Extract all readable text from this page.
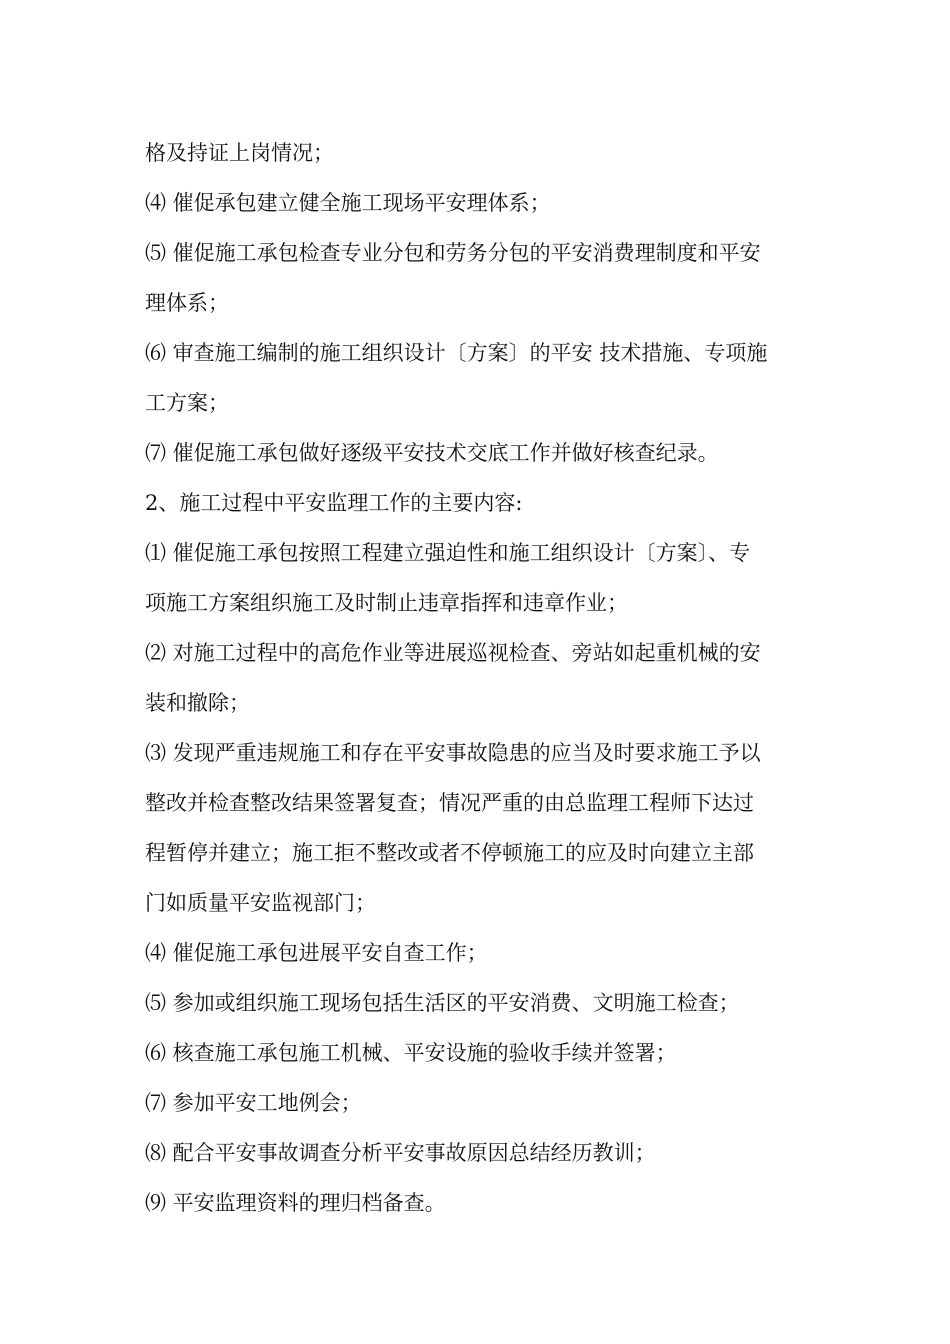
格及持证上岗情况；

⑷ 催促承包建立健全施工现场平安理体系；

⑸ 催促施工承包检查专业分包和劳务分包的平安消费理制度和平安

理体系；

⑹ 审查施工编制的施工组织设计〔方案〕的平安 技术措施、专项施

工方案；

⑺ 催促施工承包做好逐级平安技术交底工作并做好核查纪录。

2、施工过程中平安监理工作的主要内容:

⑴ 催促施工承包按照工程建立强迫性和施工组织设计〔方案〕、专

项施工方案组织施工及时制止违章指挥和违章作业；

⑵ 对施工过程中的高危作业等进展巡视检查、旁站如起重机械的安

装和撤除；

⑶ 发现严重违规施工和存在平安事故隐患的应当及时要求施工予以

整改并检查整改结果签署复查；情况严重的由总监理工程师下达过

程暂停并建立；施工拒不整改或者不停顿施工的应及时向建立主部

门如质量平安监视部门；

⑷ 催促施工承包进展平安自查工作；

⑸ 参加或组织施工现场包括生活区的平安消费、文明施工检查；

⑹ 核查施工承包施工机械、平安设施的验收手续并签署；

⑺ 参加平安工地例会；

⑻ 配合平安事故调查分析平安事故原因总结经历教训；

⑼ 平安监理资料的理归档备查。
